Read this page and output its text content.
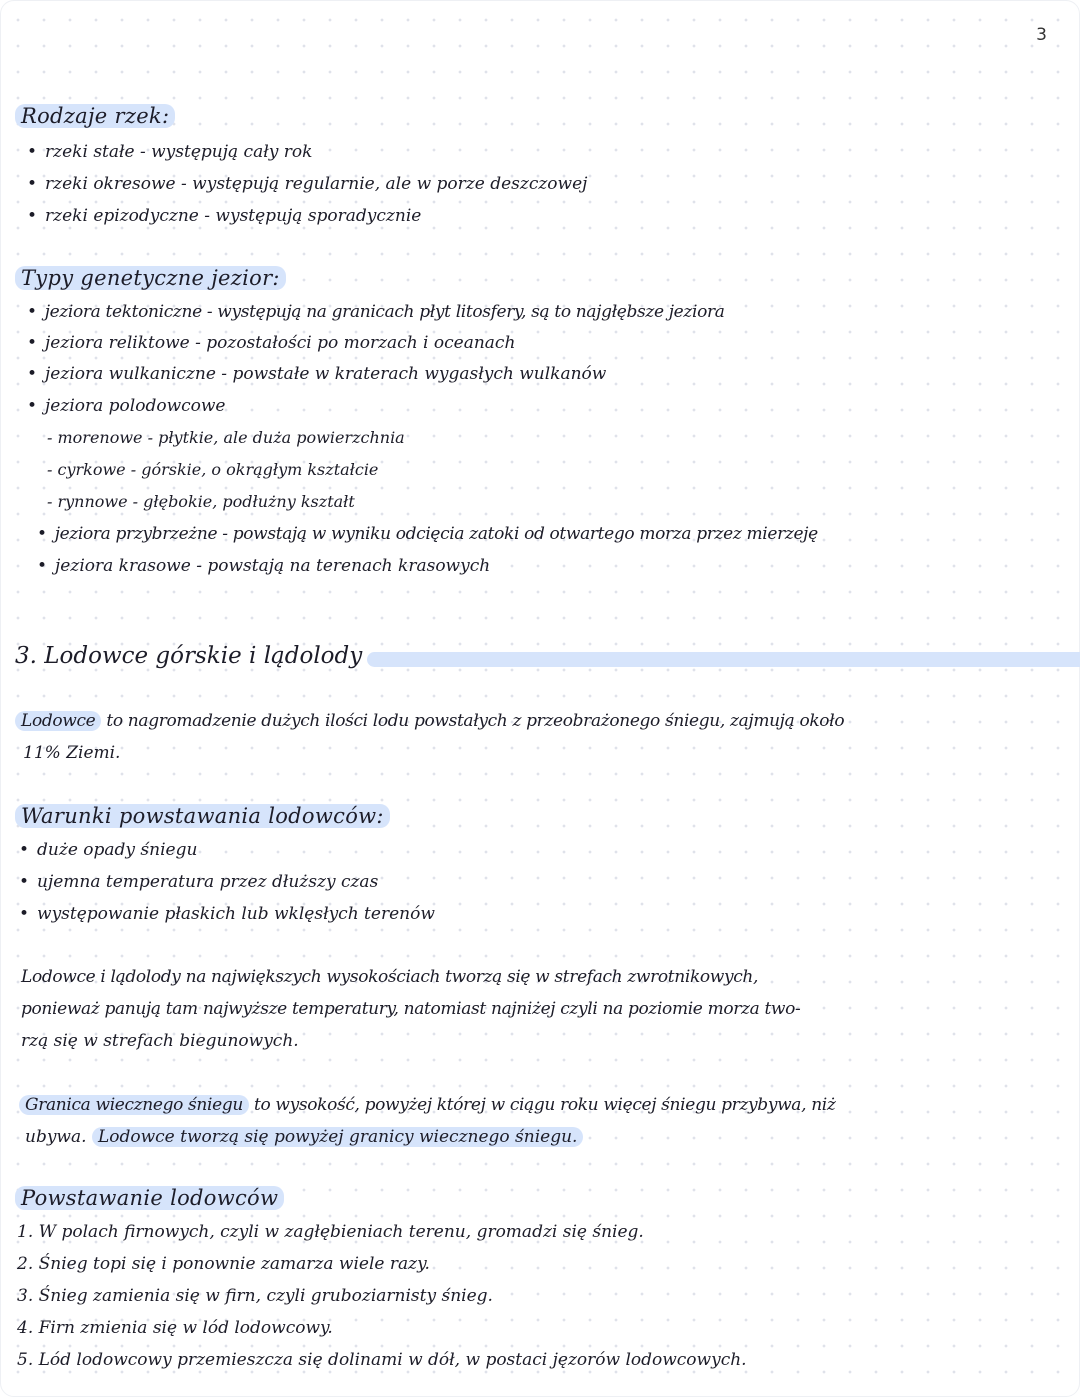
3
Rodzaje rzek:
• rzeki stałe - występują cały rok
• rzeki okresowe - występują regularnie, ale w porze deszczowej
• rzeki epizodyczne - występują sporadycznie
Typy genetyczne jezior:
• jeziora tektoniczne - występują na granicach płyt litosfery, są to najgłębsze jeziora
• jeziora reliktowe - pozostałości po morzach i oceanach
• jeziora wulkaniczne - powstałe w kraterach wygasłych wulkanów
• jeziora polodowcowe
- morenowe - płytkie, ale duża powierzchnia
- cyrkowe - górskie, o okrągłym kształcie
- rynnowe - głębokie, podłużny kształt
• jeziora przybrzeżne - powstają w wyniku odcięcia zatoki od otwartego morza przez mierzeję
• jeziora krasowe - powstają na terenach krasowych
3. Lodowce górskie i lądolody
Lodowce to nagromadzenie dużych ilości lodu powstałych z przeobrażonego śniegu, zajmują około
11% Ziemi.
Warunki powstawania lodowców:
• duże opady śniegu
• ujemna temperatura przez dłuższy czas
• występowanie płaskich lub wklęsłych terenów
Lodowce i lądolody na największych wysokościach tworzą się w strefach zwrotnikowych,
ponieważ panują tam najwyższe temperatury, natomiast najniżej czyli na poziomie morza two-
rzą się w strefach biegunowych.
Granica wiecznego śniegu to wysokość, powyżej której w ciągu roku więcej śniegu przybywa, niż
ubywa. Lodowce tworzą się powyżej granicy wiecznego śniegu.
Powstawanie lodowców
1. W polach firnowych, czyli w zagłębieniach terenu, gromadzi się śnieg.
2. Śnieg topi się i ponownie zamarza wiele razy.
3. Śnieg zamienia się w firn, czyli gruboziarnisty śnieg.
4. Firn zmienia się w lód lodowcowy.
5. Lód lodowcowy przemieszcza się dolinami w dół, w postaci jęzorów lodowcowych.
